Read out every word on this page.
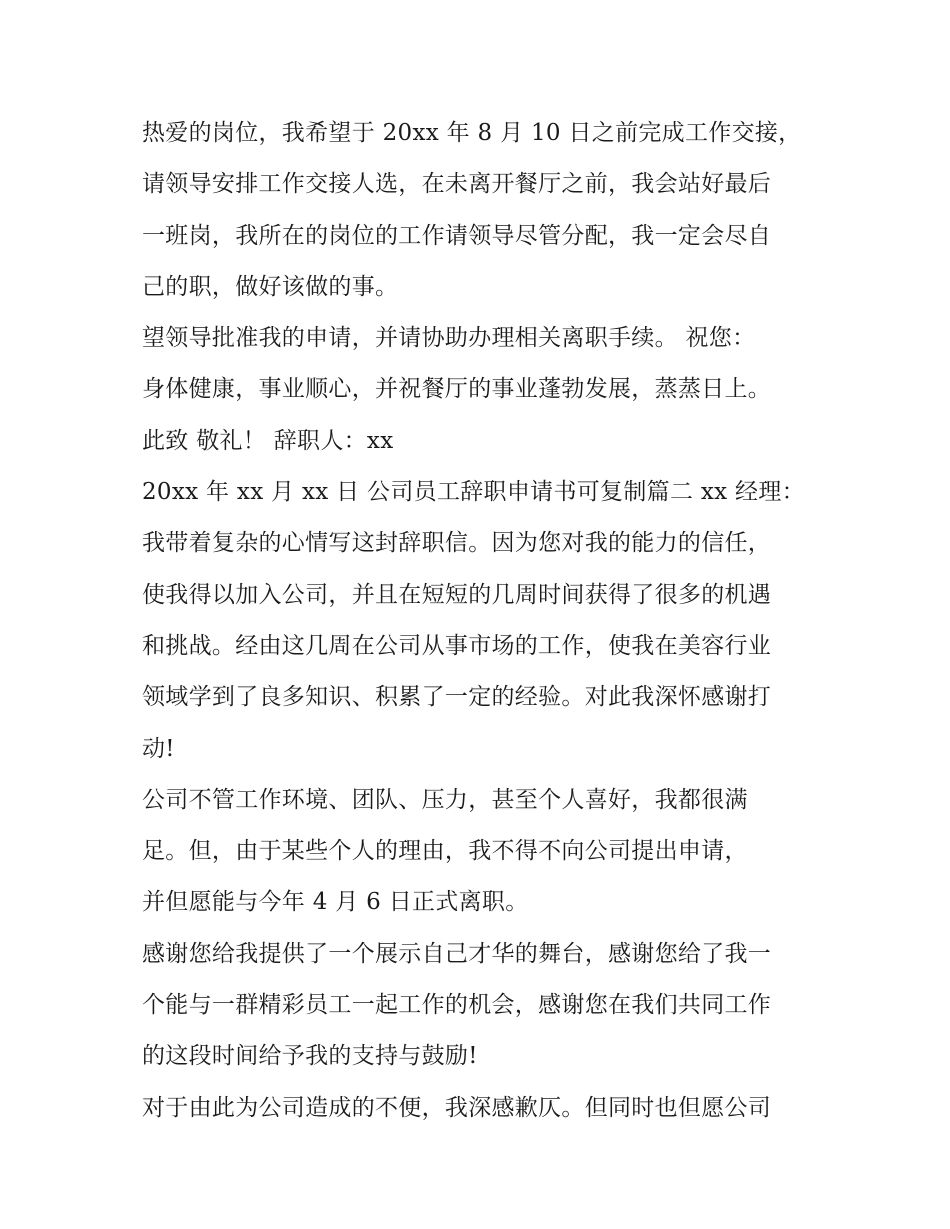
热爱的岗位，我希望于 20xx 年 8 月 10 日之前完成工作交接，
请领导安排工作交接人选，在未离开餐厅之前，我会站好最后
一班岗，我所在的岗位的工作请领导尽管分配，我一定会尽自
己的职，做好该做的事。
望领导批准我的申请，并请协助办理相关离职手续。 祝您：
身体健康，事业顺心，并祝餐厅的事业蓬勃发展，蒸蒸日上。
此致 敬礼！ 辞职人：xx
20xx 年 xx 月 xx 日 公司员工辞职申请书可复制篇二 xx 经理：
我带着复杂的心情写这封辞职信。因为您对我的能力的信任，
使我得以加入公司，并且在短短的几周时间获得了很多的机遇
和挑战。经由这几周在公司从事市场的工作，使我在美容行业
领域学到了良多知识、积累了一定的经验。对此我深怀感谢打
动!
公司不管工作环境、团队、压力，甚至个人喜好，我都很满
足。但，由于某些个人的理由，我不得不向公司提出申请，
并但愿能与今年 4 月 6 日正式离职。
感谢您给我提供了一个展示自己才华的舞台，感谢您给了我一
个能与一群精彩员工一起工作的机会，感谢您在我们共同工作
的这段时间给予我的支持与鼓励!
对于由此为公司造成的不便，我深感歉仄。但同时也但愿公司
